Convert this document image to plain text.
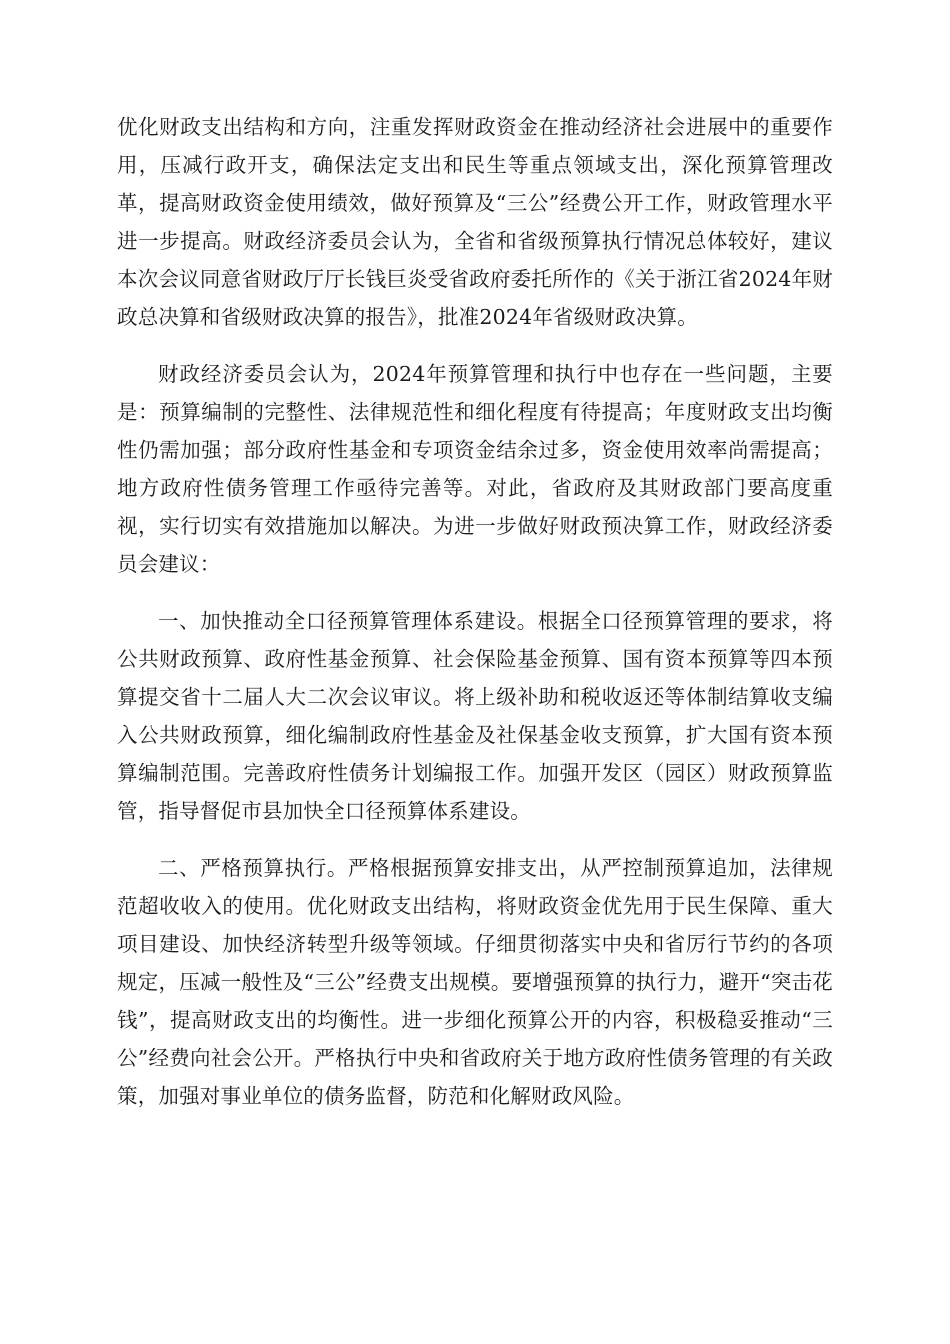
优化财政支出结构和方向，注重发挥财政资金在推动经济社会进展中的重要作用，压减行政开支，确保法定支出和民生等重点领域支出，深化预算管理改革，提高财政资金使用绩效，做好预算及“三公”经费公开工作，财政管理水平进一步提高。财政经济委员会认为，全省和省级预算执行情况总体较好，建议本次会议同意省财政厅厅长钱巨炎受省政府委托所作的《关于浙江省2024年财政总决算和省级财政决算的报告》，批准2024年省级财政决算。

财政经济委员会认为，2024年预算管理和执行中也存在一些问题，主要是：预算编制的完整性、法律规范性和细化程度有待提高；年度财政支出均衡性仍需加强；部分政府性基金和专项资金结余过多，资金使用效率尚需提高；地方政府性债务管理工作亟待完善等。对此，省政府及其财政部门要高度重视，实行切实有效措施加以解决。为进一步做好财政预决算工作，财政经济委员会建议：

一、加快推动全口径预算管理体系建设。根据全口径预算管理的要求，将公共财政预算、政府性基金预算、社会保险基金预算、国有资本预算等四本预算提交省十二届人大二次会议审议。将上级补助和税收返还等体制结算收支编入公共财政预算，细化编制政府性基金及社保基金收支预算，扩大国有资本预算编制范围。完善政府性债务计划编报工作。加强开发区（园区）财政预算监管，指导督促市县加快全口径预算体系建设。

二、严格预算执行。严格根据预算安排支出，从严控制预算追加，法律规范超收收入的使用。优化财政支出结构，将财政资金优先用于民生保障、重大项目建设、加快经济转型升级等领域。仔细贯彻落实中央和省厉行节约的各项规定，压减一般性及“三公”经费支出规模。要增强预算的执行力，避开“突击花钱”，提高财政支出的均衡性。进一步细化预算公开的内容，积极稳妥推动“三公”经费向社会公开。严格执行中央和省政府关于地方政府性债务管理的有关政策，加强对事业单位的债务监督，防范和化解财政风险。
